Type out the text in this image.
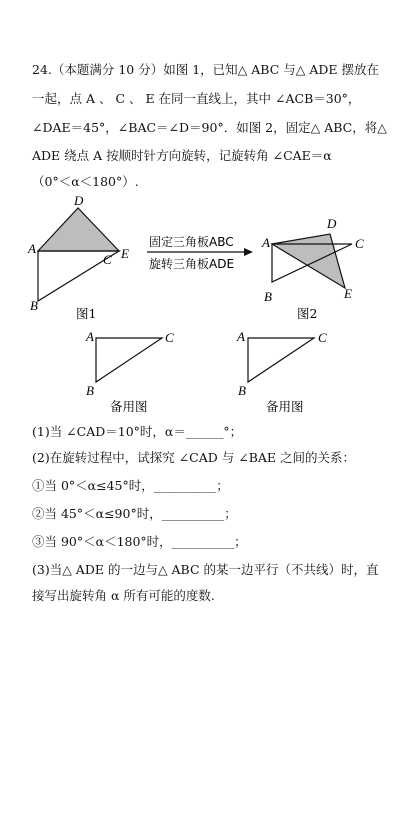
24.（本题满分 10 分）如图 1，已知△ ABC 与△ ADE 摆放在
一起，点 A 、 C 、 E 在同一直线上，其中 ∠ACB＝30°，
∠DAE＝45°，∠BAC＝∠D＝90°．如图 2，固定△ ABC，将△
ADE 绕点 A 按顺时针方向旋转，记旋转角 ∠CAE＝α
（0°＜α＜180°）.
D
A	E
C
B
图1
固定三角板ABC
旋转三角板ADE
A
D
C
E
B
图2
A	C
B
备用图
A	C
B
备用图
(1)当 ∠CAD＝10°时，α＝______°；
(2)在旋转过程中，试探究 ∠CAD 与 ∠BAE 之间的关系：
①当 0°＜α≤45°时，__________；
②当 45°＜α≤90°时，__________；
③当 90°＜α＜180°时，__________；
(3)当△ ADE 的一边与△ ABC 的某一边平行（不共线）时，直
接写出旋转角 α 所有可能的度数.
